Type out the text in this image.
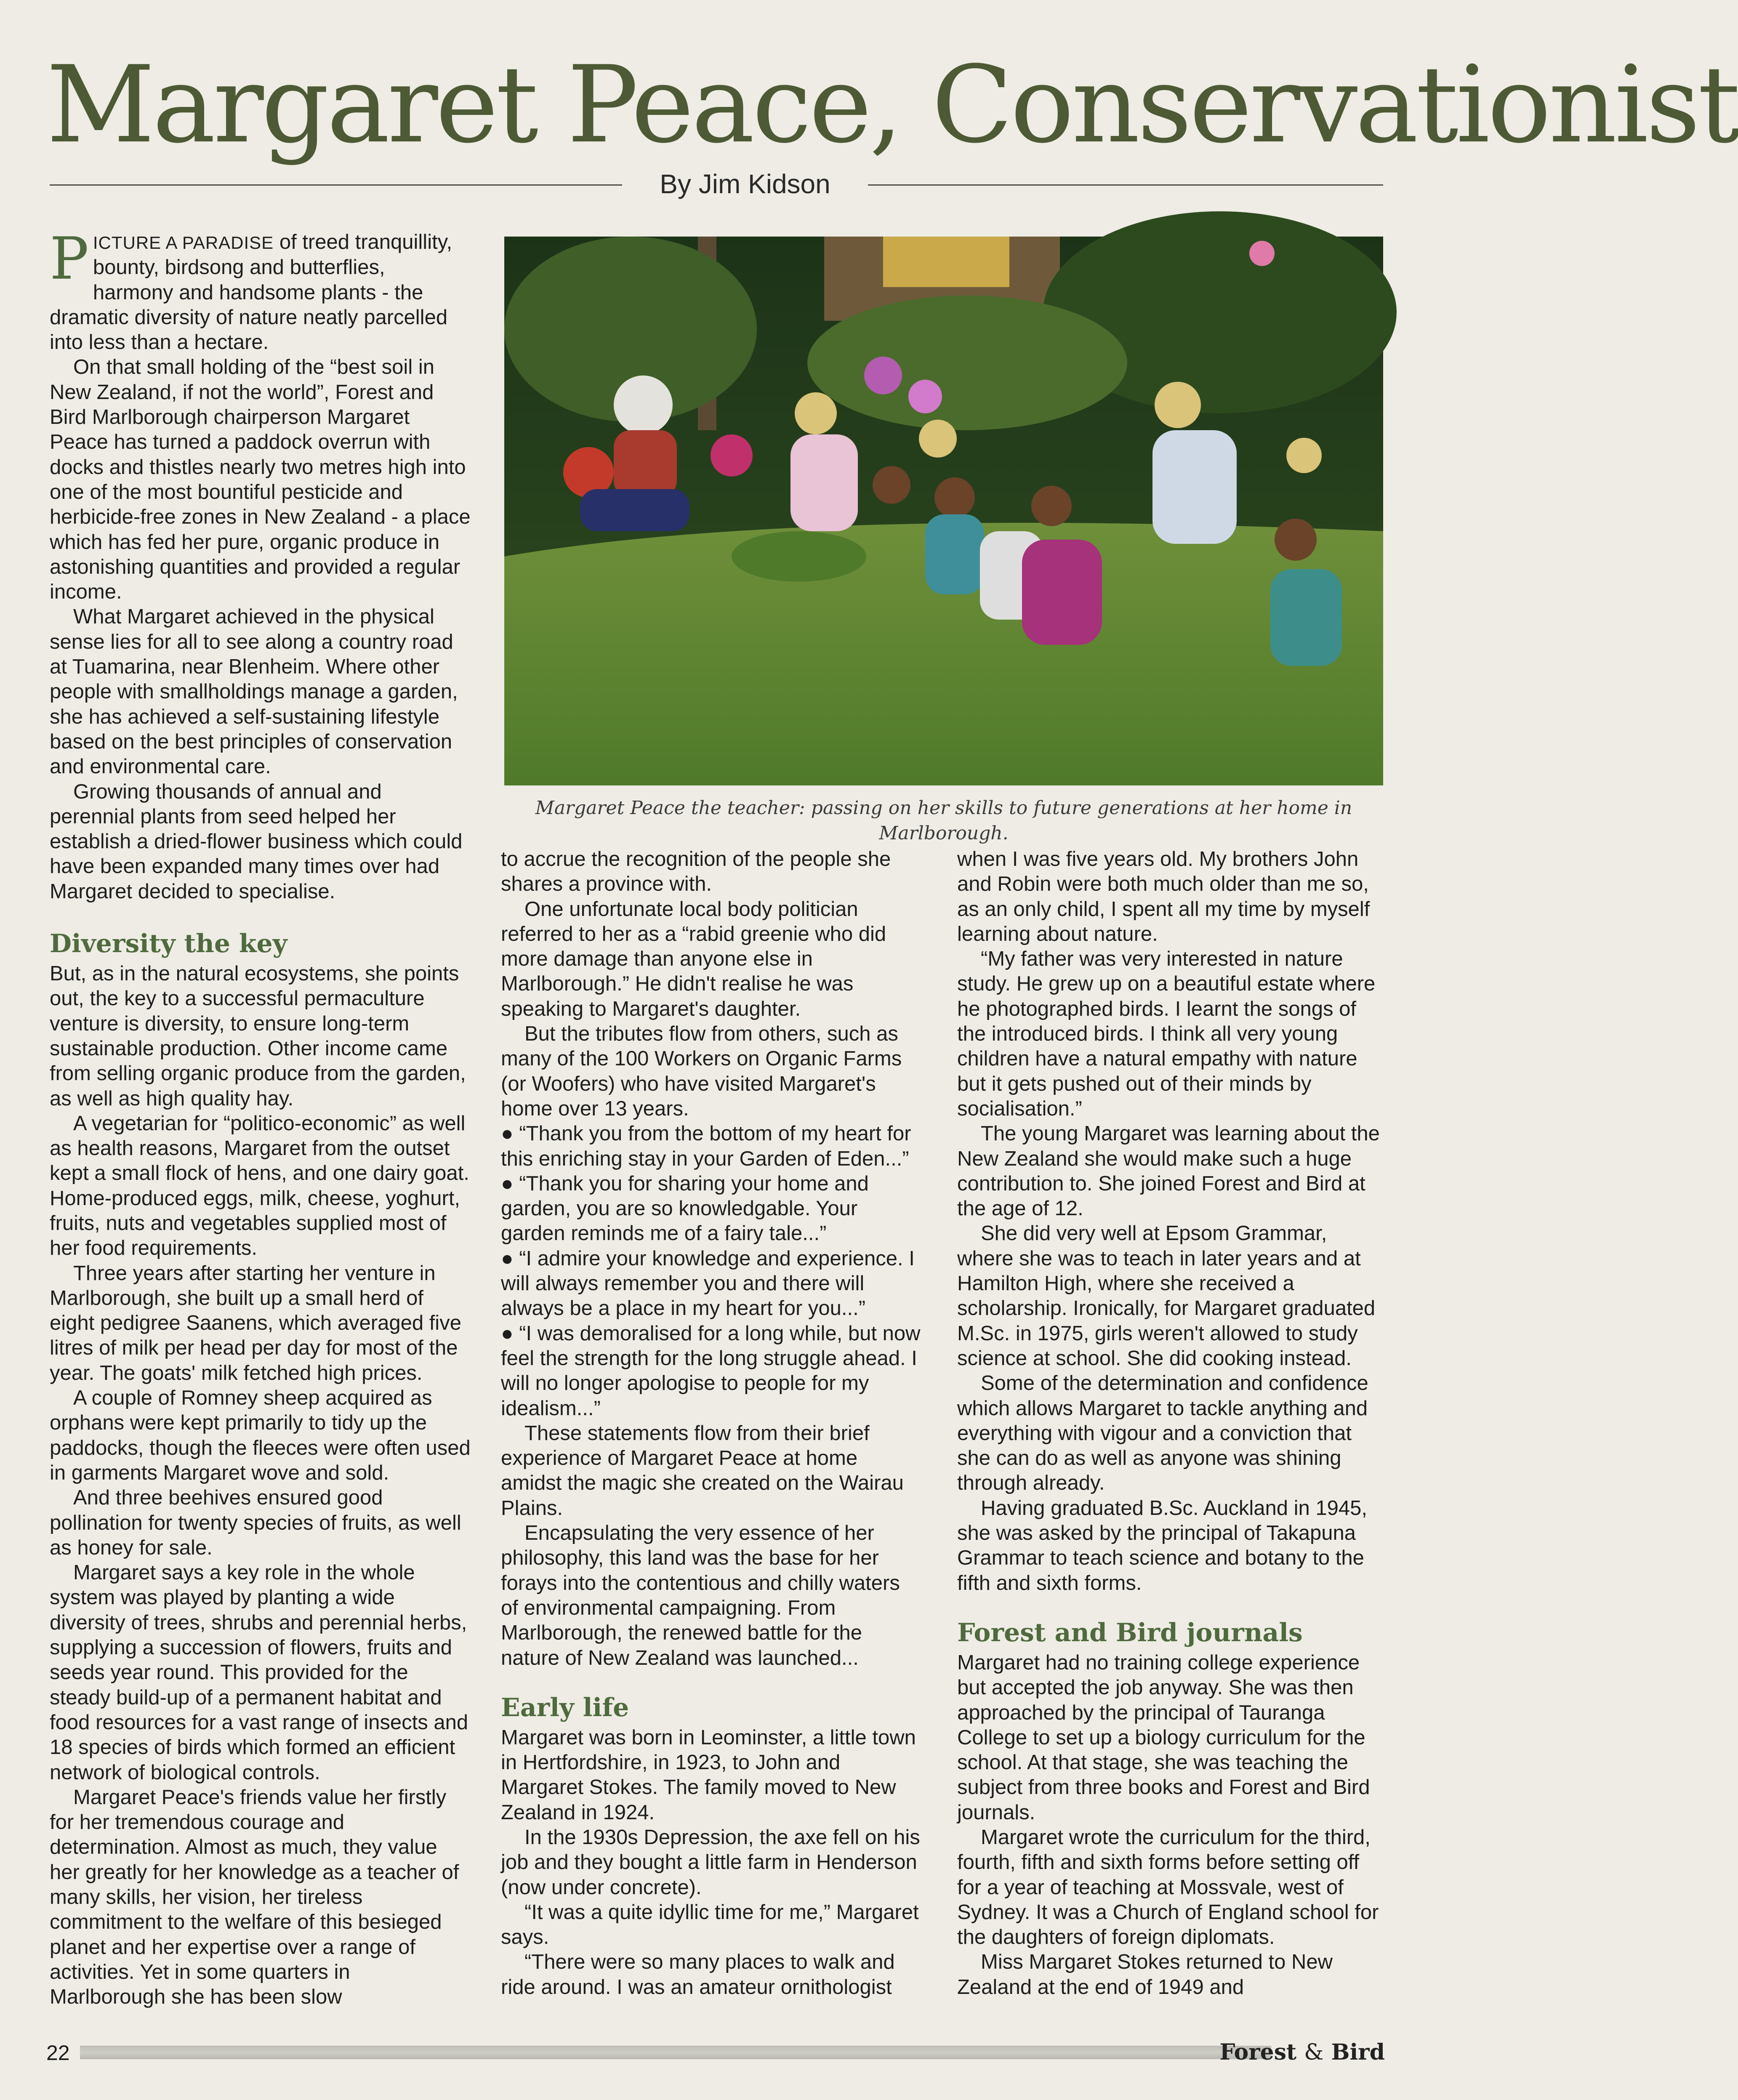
Margaret Peace, Conservationist
By Jim Kidson

PICTURE A PARADISE of treed tranquillity, bounty, birdsong and butterflies, harmony and handsome plants - the dramatic diversity of nature neatly parcelled into less than a hectare.

On that small holding of the “best soil in New Zealand, if not the world”, Forest and Bird Marlborough chairperson Margaret Peace has turned a paddock overrun with docks and thistles nearly two metres high into one of the most bountiful pesticide and herbicide-free zones in New Zealand - a place which has fed her pure, organic produce in astonishing quantities and provided a regular income.

What Margaret achieved in the physical sense lies for all to see along a country road at Tuamarina, near Blenheim. Where other people with smallholdings manage a garden, she has achieved a self-sustaining lifestyle based on the best principles of conservation and environmental care.

Growing thousands of annual and perennial plants from seed helped her establish a dried-flower business which could have been expanded many times over had Margaret decided to specialise.

Diversity the key

But, as in the natural ecosystems, she points out, the key to a successful permaculture venture is diversity, to ensure long-term sustainable production. Other income came from selling organic produce from the garden, as well as high quality hay.

A vegetarian for “politico-economic” as well as health reasons, Margaret from the outset kept a small flock of hens, and one dairy goat. Home-produced eggs, milk, cheese, yoghurt, fruits, nuts and vegetables supplied most of her food requirements.

Three years after starting her venture in Marlborough, she built up a small herd of eight pedigree Saanens, which averaged five litres of milk per head per day for most of the year. The goats' milk fetched high prices.

A couple of Romney sheep acquired as orphans were kept primarily to tidy up the paddocks, though the fleeces were often used in garments Margaret wove and sold.

And three beehives ensured good pollination for twenty species of fruits, as well as honey for sale.

Margaret says a key role in the whole system was played by planting a wide diversity of trees, shrubs and perennial herbs, supplying a succession of flowers, fruits and seeds year round. This provided for the steady build-up of a permanent habitat and food resources for a vast range of insects and 18 species of birds which formed an efficient network of biological controls.

Margaret Peace's friends value her firstly for her tremendous courage and determination. Almost as much, they value her greatly for her knowledge as a teacher of many skills, her vision, her tireless commitment to the welfare of this besieged planet and her expertise over a range of activities. Yet in some quarters in Marlborough she has been slow

Margaret Peace the teacher: passing on her skills to future generations at her home in Marlborough.

to accrue the recognition of the people she shares a province with.

One unfortunate local body politician referred to her as a “rabid greenie who did more damage than anyone else in Marlborough.” He didn't realise he was speaking to Margaret's daughter.

But the tributes flow from others, such as many of the 100 Workers on Organic Farms (or Woofers) who have visited Margaret's home over 13 years.

● “Thank you from the bottom of my heart for this enriching stay in your Garden of Eden...”

● “Thank you for sharing your home and garden, you are so knowledgable. Your garden reminds me of a fairy tale...”

● “I admire your knowledge and experience. I will always remember you and there will always be a place in my heart for you...”

● “I was demoralised for a long while, but now feel the strength for the long struggle ahead. I will no longer apologise to people for my idealism...”

These statements flow from their brief experience of Margaret Peace at home amidst the magic she created on the Wairau Plains.

Encapsulating the very essence of her philosophy, this land was the base for her forays into the contentious and chilly waters of environmental campaigning. From Marlborough, the renewed battle for the nature of New Zealand was launched...

Early life

Margaret was born in Leominster, a little town in Hertfordshire, in 1923, to John and Margaret Stokes. The family moved to New Zealand in 1924.

In the 1930s Depression, the axe fell on his job and they bought a little farm in Henderson (now under concrete).

“It was a quite idyllic time for me,” Margaret says.

“There were so many places to walk and ride around. I was an amateur ornithologist

when I was five years old. My brothers John and Robin were both much older than me so, as an only child, I spent all my time by myself learning about nature.

“My father was very interested in nature study. He grew up on a beautiful estate where he photographed birds. I learnt the songs of the introduced birds. I think all very young children have a natural empathy with nature but it gets pushed out of their minds by socialisation.”

The young Margaret was learning about the New Zealand she would make such a huge contribution to. She joined Forest and Bird at the age of 12.

She did very well at Epsom Grammar, where she was to teach in later years and at Hamilton High, where she received a scholarship. Ironically, for Margaret graduated M.Sc. in 1975, girls weren't allowed to study science at school. She did cooking instead.

Some of the determination and confidence which allows Margaret to tackle anything and everything with vigour and a conviction that she can do as well as anyone was shining through already.

Having graduated B.Sc. Auckland in 1945, she was asked by the principal of Takapuna Grammar to teach science and botany to the fifth and sixth forms.

Forest and Bird journals

Margaret had no training college experience but accepted the job anyway. She was then approached by the principal of Tauranga College to set up a biology curriculum for the school. At that stage, she was teaching the subject from three books and Forest and Bird journals.

Margaret wrote the curriculum for the third, fourth, fifth and sixth forms before setting off for a year of teaching at Mossvale, west of Sydney. It was a Church of England school for the daughters of foreign diplomats.

Miss Margaret Stokes returned to New Zealand at the end of 1949 and

22	Forest & Bird
